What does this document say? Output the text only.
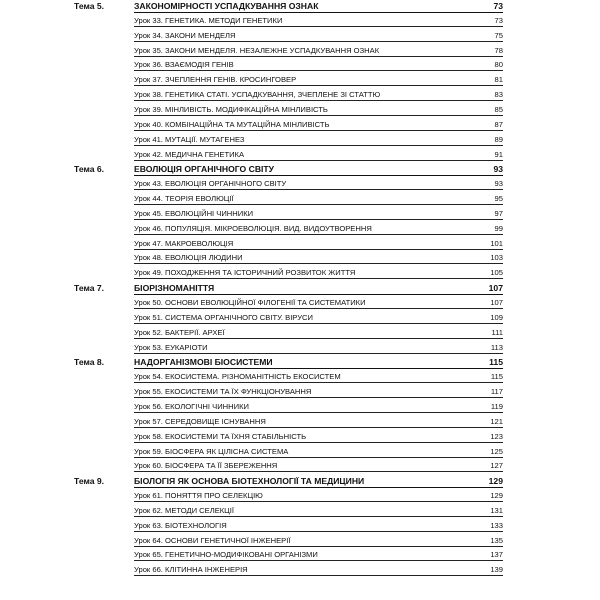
Тема 5.	ЗАКОНОМІРНОСТІ УСПАДКУВАННЯ ОЗНАК	73
Урок 33. ГЕНЕТИКА. МЕТОДИ ГЕНЕТИКИ	73
Урок 34. ЗАКОНИ МЕНДЕЛЯ	75
Урок 35. ЗАКОНИ МЕНДЕЛЯ. НЕЗАЛЕЖНЕ УСПАДКУВАННЯ ОЗНАК	78
Урок 36. ВЗАЄМОДІЯ ГЕНІВ	80
Урок 37. ЗЧЕПЛЕННЯ ГЕНІВ. КРОСИНГОВЕР	81
Урок 38. ГЕНЕТИКА СТАТІ. УСПАДКУВАННЯ, ЗЧЕПЛЕНЕ ЗІ СТАТТЮ	83
Урок 39. МІНЛИВІСТЬ. МОДИФІКАЦІЙНА МІНЛИВІСТЬ	85
Урок 40. КОМБІНАЦІЙНА ТА МУТАЦІЙНА МІНЛИВІСТЬ	87
Урок 41. МУТАЦІЇ. МУТАГЕНЕЗ	89
Урок 42. МЕДИЧНА ГЕНЕТИКА	91
Тема 6.	ЕВОЛЮЦІЯ ОРГАНІЧНОГО СВІТУ	93
Урок 43. ЕВОЛЮЦІЯ ОРГАНІЧНОГО СВІТУ	93
Урок 44. ТЕОРІЯ ЕВОЛЮЦІЇ	95
Урок 45. ЕВОЛЮЦІЙНІ ЧИННИКИ	97
Урок 46. ПОПУЛЯЦІЯ. МІКРОЕВОЛЮЦІЯ. ВИД. ВИДОУТВОРЕННЯ	99
Урок 47. МАКРОЕВОЛЮЦІЯ	101
Урок 48. ЕВОЛЮЦІЯ ЛЮДИНИ	103
Урок 49. ПОХОДЖЕННЯ ТА ІСТОРИЧНИЙ РОЗВИТОК ЖИТТЯ	105
Тема 7.	БІОРІЗНОМАНІТТЯ	107
Урок 50. ОСНОВИ ЕВОЛЮЦІЙНОЇ ФІЛОГЕНІЇ ТА СИСТЕМАТИКИ	107
Урок 51. СИСТЕМА ОРГАНІЧНОГО СВІТУ. ВІРУСИ	109
Урок 52. БАКТЕРІЇ. АРХЕЇ	111
Урок 53. ЕУКАРІОТИ	113
Тема 8.	НАДОРГАНІЗМОВІ БІОСИСТЕМИ	115
Урок 54. ЕКОСИСТЕМА. РІЗНОМАНІТНІСТЬ ЕКОСИСТЕМ	115
Урок 55. ЕКОСИСТЕМИ ТА ЇХ ФУНКЦІОНУВАННЯ	117
Урок 56. ЕКОЛОГІЧНІ ЧИННИКИ	119
Урок 57. СЕРЕДОВИЩЕ ІСНУВАННЯ	121
Урок 58. ЕКОСИСТЕМИ ТА ЇХНЯ СТАБІЛЬНІСТЬ	123
Урок 59. БІОСФЕРА ЯК ЦІЛІСНА СИСТЕМА	125
Урок 60. БІОСФЕРА ТА ЇЇ ЗБЕРЕЖЕННЯ	127
Тема 9.	БІОЛОГІЯ ЯК ОСНОВА БІОТЕХНОЛОГІЇ ТА МЕДИЦИНИ	129
Урок 61. ПОНЯТТЯ ПРО СЕЛЕКЦІЮ	129
Урок 62. МЕТОДИ СЕЛЕКЦІЇ	131
Урок 63. БІОТЕХНОЛОГІЯ	133
Урок 64. ОСНОВИ ГЕНЕТИЧНОЇ ІНЖЕНЕРІЇ	135
Урок 65. ГЕНЕТИЧНО-МОДИФІКОВАНІ ОРГАНІЗМИ	137
Урок 66. КЛІТИННА ІНЖЕНЕРІЯ	139
